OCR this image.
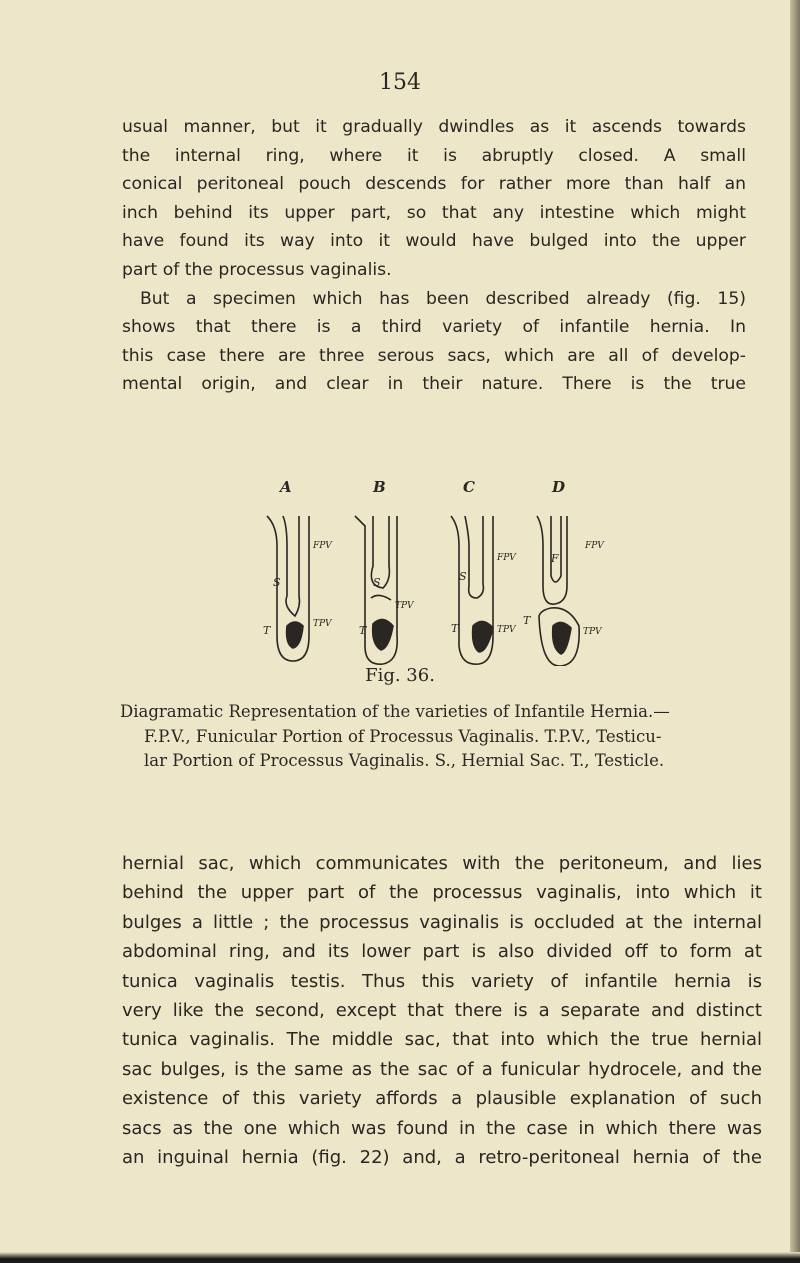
154

usual manner, but it gradually dwindles as it ascends towards
the internal ring, where it is abruptly closed. A small
conical peritoneal pouch descends for rather more than half an
inch behind its upper part, so that any intestine which might
have found its way into it would have bulged into the upper
part of the processus vaginalis.
But a specimen which has been described already (fig. 15)
shows that there is a third variety of infantile hernia. In
this case there are three serous sacs, which are all of develop-
mental origin, and clear in their nature. There is the true

A	B	C	D
FPV
S
T	TPV
S
T
TPV
FPV
S
T	TPV
F
FPV
T
TPV
Fig. 36.

Diagramatic Representation of the varieties of Infantile Hernia.—
F.P.V., Funicular Portion of Processus Vaginalis. T.P.V., Testicu-
lar Portion of Processus Vaginalis. S., Hernial Sac. T., Testicle.

hernial sac, which communicates with the peritoneum, and lies
behind the upper part of the processus vaginalis, into which it
bulges a little ; the processus vaginalis is occluded at the internal
abdominal ring, and its lower part is also divided off to form at
tunica vaginalis testis. Thus this variety of infantile hernia is
very like the second, except that there is a separate and distinct
tunica vaginalis. The middle sac, that into which the true hernial
sac bulges, is the same as the sac of a funicular hydrocele, and the
existence of this variety affords a plausible explanation of such
sacs as the one which was found in the case in which there was
an inguinal hernia (fig. 22) and, a retro-peritoneal hernia of the
